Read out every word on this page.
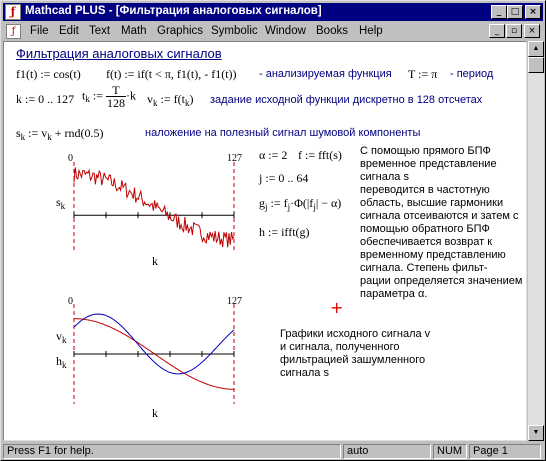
ƒ Mathcad PLUS - [Фильтрация аналоговых сигналов]	_	□	×
ƒ	File Edit Text Math Graphics Symbolic Window Books Help	_	▫	×
Фильтрация аналоговых сигналов
f1(t) := cos(t) f(t) := if(t < π, f1(t), - f1(t)) - анализируемая функция T := π - период
k := 0 .. 127 $t_k$ := $\frac{T}{128} \cdot k$ $v_k$ := $f(t_k)$ задание исходной функции дискретно в 128 отсчетах
$s_k$ := $v_k + rnd(0.5)$	наложение на полезный сигнал шумовой компоненты
α := 2 f := fft(s)
j := 0 .. 64
$g_j$ := $f_j\cdot\Phi(|f_j| - \alpha)$
h := ifft(g)
С помощью прямого БПФ
временное представление
сигнала s
переводится в частотную
область, высшие гармоники
сигнала отсеиваются и затем с
помощью обратного БПФ
обеспечивается возврат к
временному представлению
сигнала. Степень фильт-
рации определяется значением
параметра α.
+
Графики исходного сигнала v
и сигнала, полученного
фильтрацией зашумленного
сигнала s
0	127
$s_k$
k
0	127
$v_k$
$h_k$
k
▲
▼
Press F1 for help.	auto	NUM Page 1
